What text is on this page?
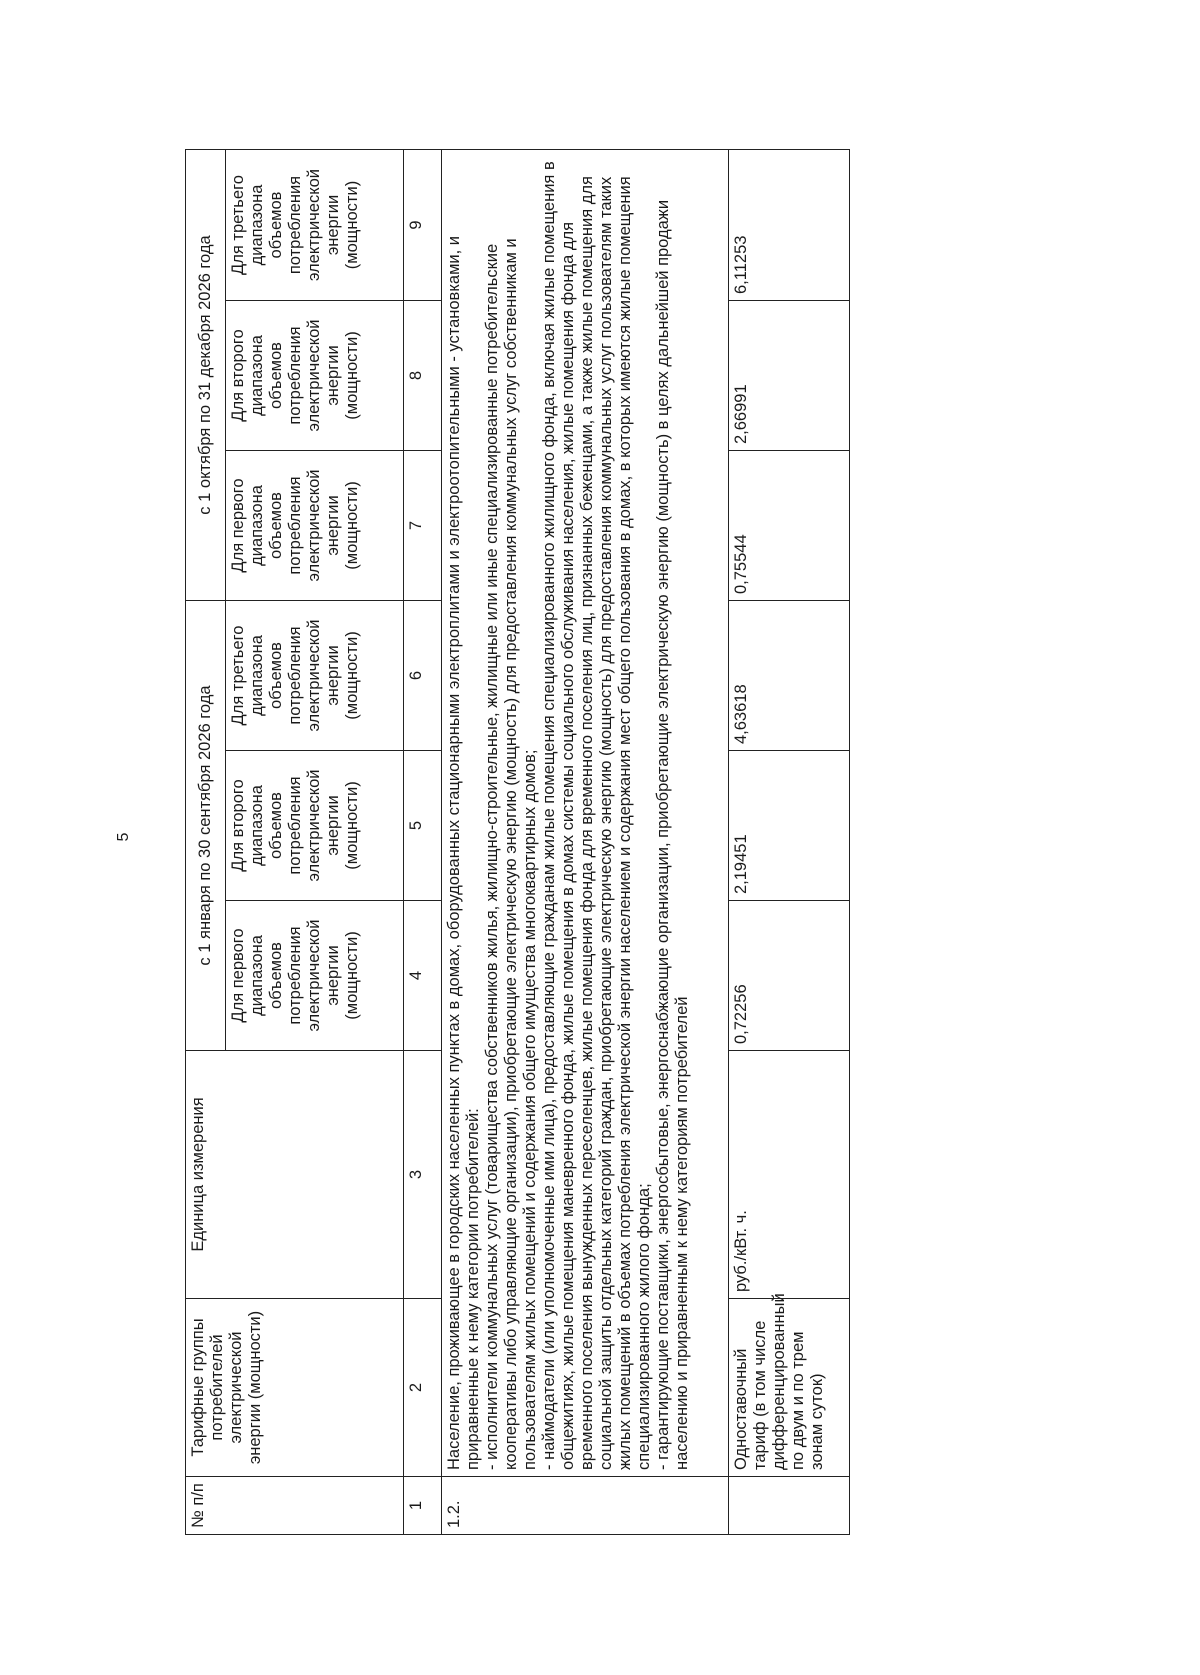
5
№ п/п	Тарифные группы потребителей электрической энергии (мощности)	Единица измерения	с 1 января по 30 сентября 2026 года			с 1 октября по 31 декабря 2026 года		
			Для первого диапазона объемов потребления электрической энергии (мощности)	Для второго диапазона объемов потребления электрической энергии (мощности)	Для третьего диапазона объемов потребления электрической энергии (мощности)	Для первого диапазона объемов потребления электрической энергии (мощности)	Для второго диапазона объемов потребления электрической энергии (мощности)	Для третьего диапазона объемов потребления электрической энергии (мощности)
1	2	3	4	5	6	7	8	9
1.2.	Население, проживающее в городских населенных пунктах в домах, оборудованных стационарными электроплитами и электроотопительными - установками, и приравненные к нему категории потребителей: - исполнители коммунальных услуг (товарищества собственников жилья, жилищно-строительные, жилищные или иные специализированные потребительские кооперативы либо управляющие организации), приобретающие электрическую энергию (мощность) для предоставления коммунальных услуг собственникам и пользователям жилых помещений и содержания общего имущества многоквартирных домов; - наймодатели (или уполномоченные ими лица), предоставляющие гражданам жилые помещения специализированного жилищного фонда, включая жилые помещения в общежитиях, жилые помещения маневренного фонда, жилые помещения в домах системы социального обслуживания населения, жилые помещения фонда для временного поселения вынужденных переселенцев, жилые помещения фонда для временного поселения лиц, признанных беженцами, а также жилые помещения для социальной защиты отдельных категорий граждан, приобретающие электрическую энергию (мощность) для предоставления коммунальных услуг пользователям таких жилых помещений в объемах потребления электрической энергии населением и содержания мест общего пользования в домах, в которых имеются жилые помещения специализированного жилого фонда; - гарантирующие поставщики, энергосбытовые, энергоснабжающие организации, приобретающие электрическую энергию (мощность) в целях дальнейшей продажи населению и приравненным к нему категориям потребителей							

	Одноставочный тариф (в том числе дифференцированный по двум и по трем зонам суток)	руб./кВт. ч.	0,72256	2,19451	4,63618	0,75544	2,66991	6,11253
